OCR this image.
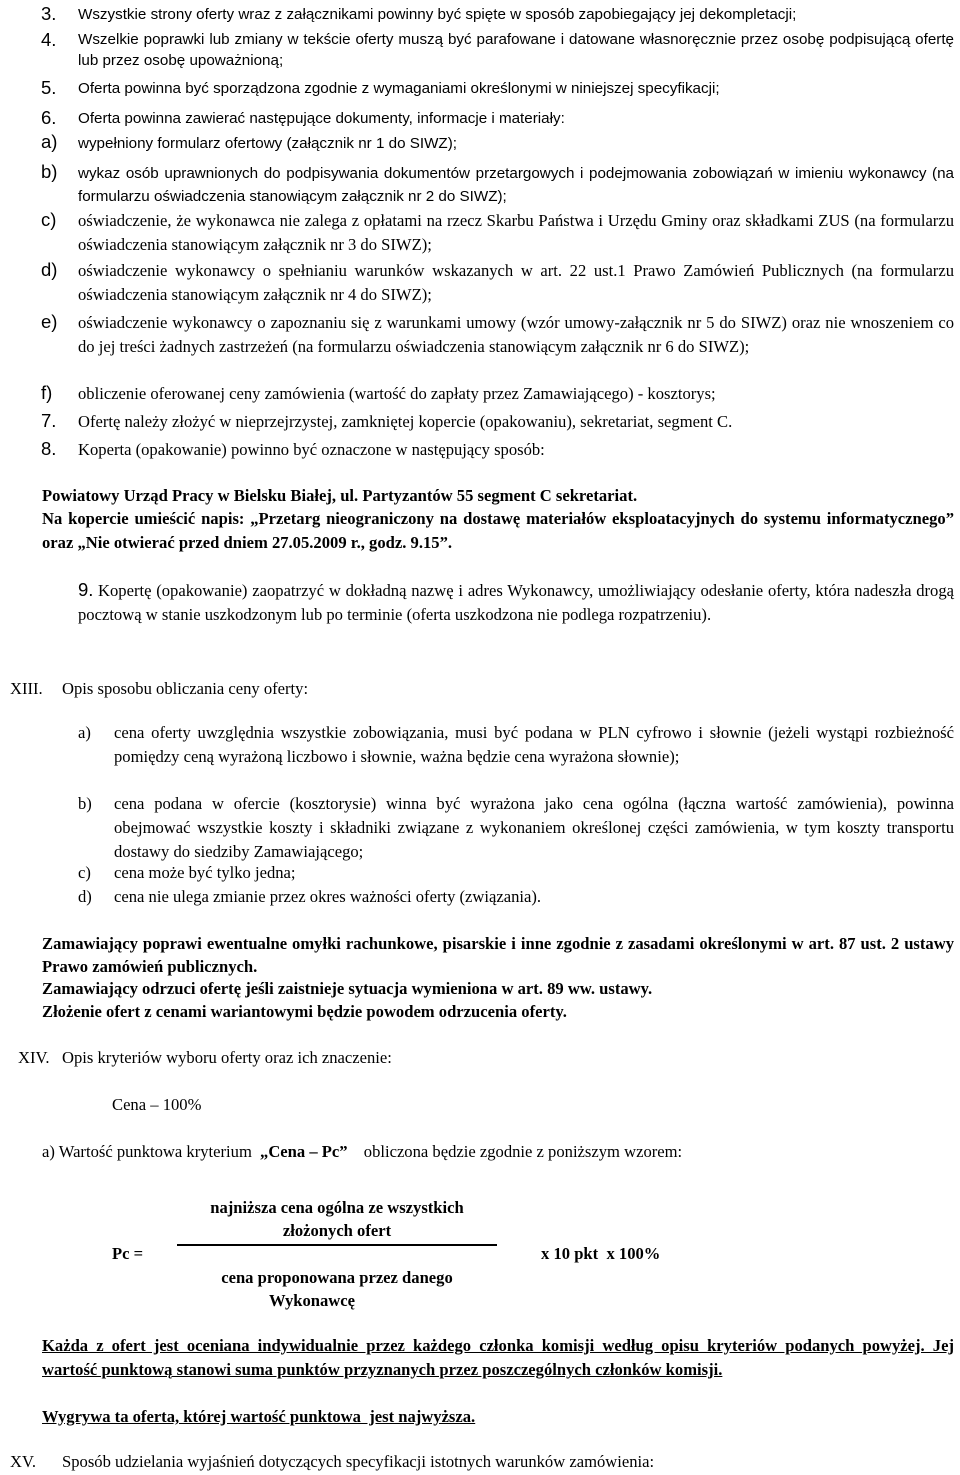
3. Wszystkie strony oferty wraz z załącznikami powinny być spięte w sposób zapobiegający jej dekompletacji;
4. Wszelkie poprawki lub zmiany w tekście oferty muszą być parafowane i datowane własnoręcznie przez osobę podpisującą ofertę lub przez osobę upoważnioną;
5. Oferta powinna być sporządzona zgodnie z wymaganiami określonymi w niniejszej specyfikacji;
6. Oferta powinna zawierać następujące dokumenty, informacje i materiały:
a) wypełniony formularz ofertowy (załącznik nr 1 do SIWZ);
b) wykaz osób uprawnionych do podpisywania dokumentów przetargowych i podejmowania zobowiązań w imieniu wykonawcy (na formularzu oświadczenia stanowiącym załącznik nr 2 do SIWZ);
c) oświadczenie, że wykonawca nie zalega z opłatami na rzecz Skarbu Państwa i Urzędu Gminy oraz składkami ZUS (na formularzu oświadczenia stanowiącym załącznik nr 3 do SIWZ);
d) oświadczenie wykonawcy o spełnianiu warunków wskazanych w art. 22 ust.1 Prawo Zamówień Publicznych (na formularzu oświadczenia stanowiącym załącznik nr 4 do SIWZ);
e) oświadczenie wykonawcy o zapoznaniu się z warunkami umowy (wzór umowy-załącznik nr 5 do SIWZ) oraz nie wnoszeniem co do jej treści żadnych zastrzeżeń (na formularzu oświadczenia stanowiącym załącznik nr 6 do SIWZ);
f) obliczenie oferowanej ceny zamówienia (wartość do zapłaty przez Zamawiającego) - kosztorys;
7. Ofertę należy złożyć w nieprzejrzystej, zamkniętej kopercie (opakowaniu), sekretariat, segment C.
8. Koperta (opakowanie) powinno być oznaczone w następujący sposób:
Powiatowy Urząd Pracy w Bielsku Białej, ul. Partyzantów 55 segment C sekretariat.
Na kopercie umieścić napis: „Przetarg nieograniczony na dostawę materiałów eksploatacyjnych do systemu informatycznego” oraz „Nie otwierać przed dniem 27.05.2009 r., godz. 9.15”.
9. Kopertę (opakowanie) zaopatrzyć w dokładną nazwę i adres Wykonawcy, umożliwiający odesłanie oferty, która nadeszła drogą pocztową w stanie uszkodzonym lub po terminie (oferta uszkodzona nie podlega rozpatrzeniu).
XIII. Opis sposobu obliczania ceny oferty:
a) cena oferty uwzględnia wszystkie zobowiązania, musi być podana w PLN cyfrowo i słownie (jeżeli wystąpi rozbieżność pomiędzy ceną wyrażoną liczbowo i słownie, ważna będzie cena wyrażona słownie);
b) cena podana w ofercie (kosztorysie) winna być wyrażona jako cena ogólna (łączna wartość zamówienia), powinna obejmować wszystkie koszty i składniki związane z wykonaniem określonej części zamówienia, w tym koszty transportu dostawy do siedziby Zamawiającego;
c) cena może być tylko jedna;
d) cena nie ulega zmianie przez okres ważności oferty (związania).
Zamawiający poprawi ewentualne omyłki rachunkowe, pisarskie i inne zgodnie z zasadami określonymi w art. 87 ust. 2 ustawy Prawo zamówień publicznych.
Zamawiający odrzuci ofertę jeśli zaistnieje sytuacja wymieniona w art. 89 ww. ustawy.
Złożenie ofert z cenami wariantowymi będzie powodem odrzucenia oferty.
XIV. Opis kryteriów wyboru oferty oraz ich znaczenie:
Cena – 100%
a) Wartość punktowa kryterium „Cena – Pc” obliczona będzie zgodnie z poniższym wzorem:
Pc =
najniższa cena ogólna ze wszystkich
złożonych ofert
cena proponowana przez danego
Wykonawcę
x 10 pkt  x 100%
Każda z ofert jest oceniana indywidualnie przez każdego członka komisji według opisu kryteriów podanych powyżej. Jej wartość punktową stanowi suma punktów przyznanych przez poszczególnych członków komisji.
Wygrywa ta oferta, której wartość punktowa  jest najwyższa.
XV. Sposób udzielania wyjaśnień dotyczących specyfikacji istotnych warunków zamówienia:
